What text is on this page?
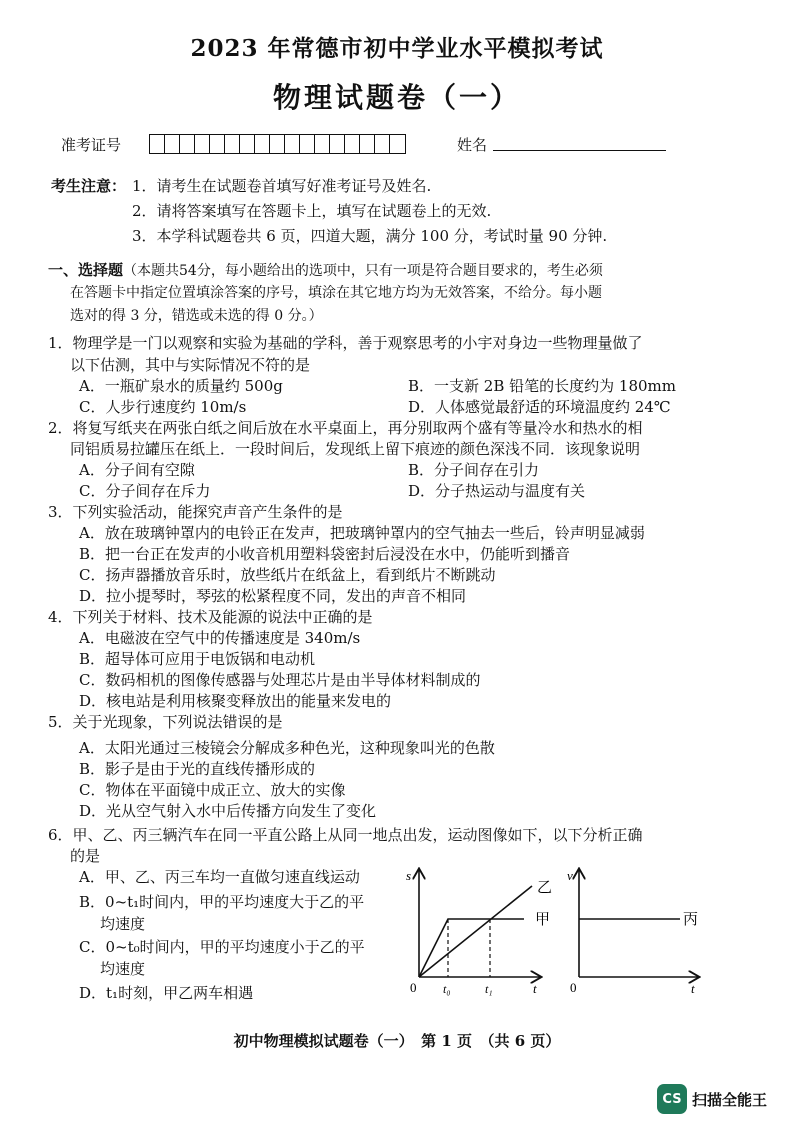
2023 年常德市初中学业水平模拟考试
物理试题卷（一）
准考证号	姓名
考生注意： 1．请考生在试题卷首填写好准考证号及姓名.
2．请将答案填写在答题卡上，填写在试题卷上的无效.
3．本学科试题卷共 6 页，四道大题，满分 100 分，考试时量 90 分钟.
一、选择题（本题共54分，每小题给出的选项中，只有一项是符合题目要求的，考生必须
在答题卡中指定位置填涂答案的序号，填涂在其它地方均为无效答案，不给分。每小题
选对的得 3 分，错选或未选的得 0 分。）
1．物理学是一门以观察和实验为基础的学科，善于观察思考的小宇对身边一些物理量做了
以下估测，其中与实际情况不符的是
A．一瓶矿泉水的质量约 500g	B．一支新 2B 铅笔的长度约为 180mm
C．人步行速度约 10m/s	D．人体感觉最舒适的环境温度约 24℃
2．将复写纸夹在两张白纸之间后放在水平桌面上，再分别取两个盛有等量冷水和热水的相
同铝质易拉罐压在纸上．一段时间后，发现纸上留下痕迹的颜色深浅不同．该现象说明
A．分子间有空隙	B．分子间存在引力
C．分子间存在斥力	D．分子热运动与温度有关
3．下列实验活动，能探究声音产生条件的是
A．放在玻璃钟罩内的电铃正在发声，把玻璃钟罩内的空气抽去一些后，铃声明显减弱
B．把一台正在发声的小收音机用塑料袋密封后浸没在水中，仍能听到播音
C．扬声器播放音乐时，放些纸片在纸盆上，看到纸片不断跳动
D．拉小提琴时，琴弦的松紧程度不同，发出的声音不相同
4．下列关于材料、技术及能源的说法中正确的是
A．电磁波在空气中的传播速度是 340m/s
B．超导体可应用于电饭锅和电动机
C．数码相机的图像传感器与处理芯片是由半导体材料制成的
D．核电站是利用核聚变释放出的能量来发电的
5．关于光现象，下列说法错误的是
A．太阳光通过三棱镜会分解成多种色光，这种现象叫光的色散
B．影子是由于光的直线传播形成的
C．物体在平面镜中成正立、放大的实像
D．光从空气射入水中后传播方向发生了变化
6．甲、乙、丙三辆汽车在同一平直公路上从同一地点出发，运动图像如下，以下分析正确
的是
A．甲、乙、丙三车均一直做匀速直线运动
B．0~t₁时间内，甲的平均速度大于乙的平
均速度
C．0~t₀时间内，甲的平均速度小于乙的平
均速度
D．t₁时刻，甲乙两车相遇
s
t
0 t₀	t₁
乙
甲
v
t
0
丙
初中物理模拟试题卷（一）　第 1 页　（共 6 页）
CS 扫描全能王
